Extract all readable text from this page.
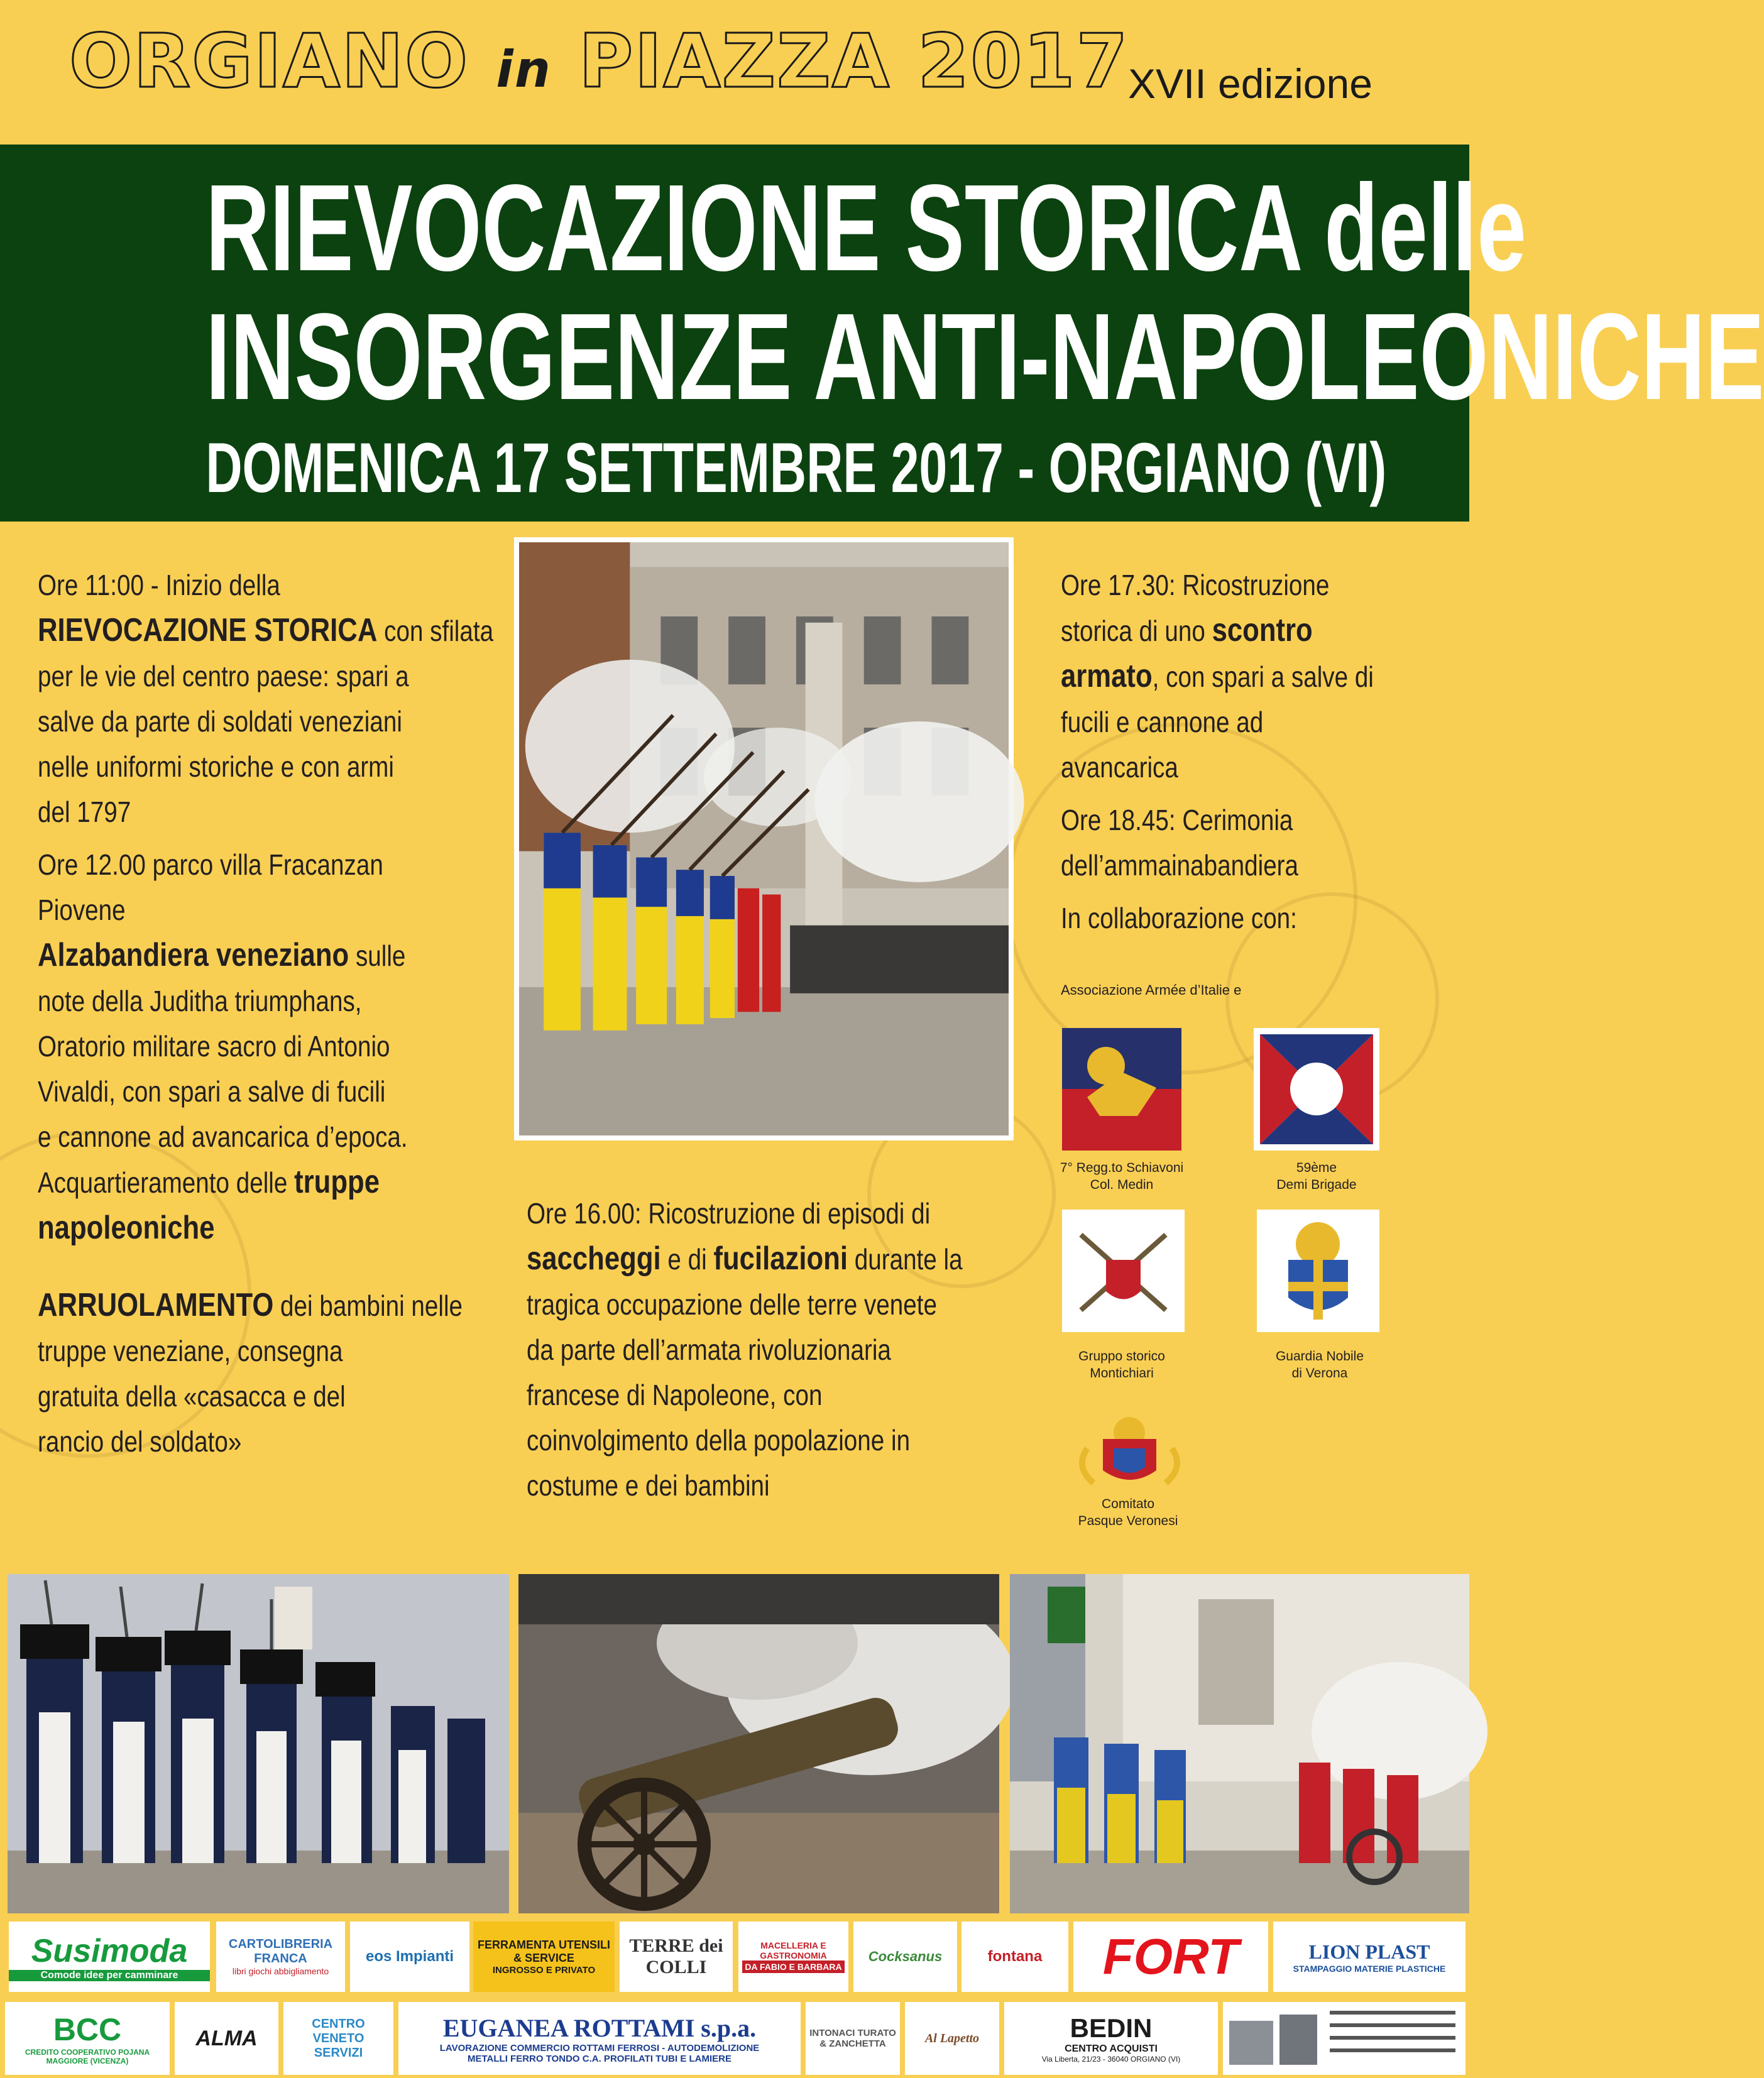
ORGIANO in PIAZZA 2017
XVII edizione
RIEVOCAZIONE STORICA delle
INSORGENZE ANTI-NAPOLEONICHE
DOMENICA 17 SETTEMBRE 2017 - ORGIANO (VI)

Ore 11:00 - Inizio della

RIEVOCAZIONE STORICA con sfilata

per le vie del centro paese: spari a

salve da parte di soldati veneziani

nelle uniformi storiche e con armi

del 1797

Ore 12.00 parco villa Fracanzan

Piovene

Alzabandiera veneziano sulle

note della Juditha triumphans,

Oratorio militare sacro di Antonio

Vivaldi, con spari a salve di fucili

e cannone ad avancarica d’epoca.

Acquartieramento delle truppe

napoleoniche

ARRUOLAMENTO dei bambini nelle

truppe veneziane, consegna

gratuita della «casacca e del

rancio del soldato»

Ore 16.00: Ricostruzione di episodi di

saccheggi e di fucilazioni durante la

tragica occupazione delle terre venete

da parte dell’armata rivoluzionaria

francese di Napoleone, con

coinvolgimento della popolazione in

costume e dei bambini

Ore 17.30: Ricostruzione

storica di uno scontro

armato, con spari a salve di

fucili e cannone ad

avancarica

Ore 18.45: Cerimonia

dell’ammainabandiera

In collaborazione con:

Associazione Armée d’Italie e
7° Regg.to Schiavoni
Col. Medin
59ème
Demi Brigade
Gruppo storico
Montichiari
Guardia Nobile
di Verona
Comitato
Pasque Veronesi
Susimoda
Comode idee per camminare
CARTOLIBRERIA FRANCA
libri giochi abbigliamento
eos Impianti
FERRAMENTA UTENSILI & SERVICE
INGROSSO E PRIVATO
TERRE dei COLLI
MACELLERIA E GASTRONOMIA
DA FABIO E BARBARA
Cocksanus	fontana FORT	LION PLAST
STAMPAGGIO MATERIE PLASTICHE
BCC
CREDITO COOPERATIVO POJANA MAGGIORE (VICENZA)
ALMA
CENTRO VENETO SERVIZI
EUGANEA ROTTAMI s.p.a.
LAVORAZIONE COMMERCIO ROTTAMI FERROSI - AUTODEMOLIZIONE
METALLI FERRO TONDO C.A. PROFILATI TUBI E LAMIERE
INTONACI TURATO & ZANCHETTA	Al Lapetto	BEDIN
CENTRO ACQUISTI
Via Liberta, 21/23 - 36040 ORGIANO (VI)
